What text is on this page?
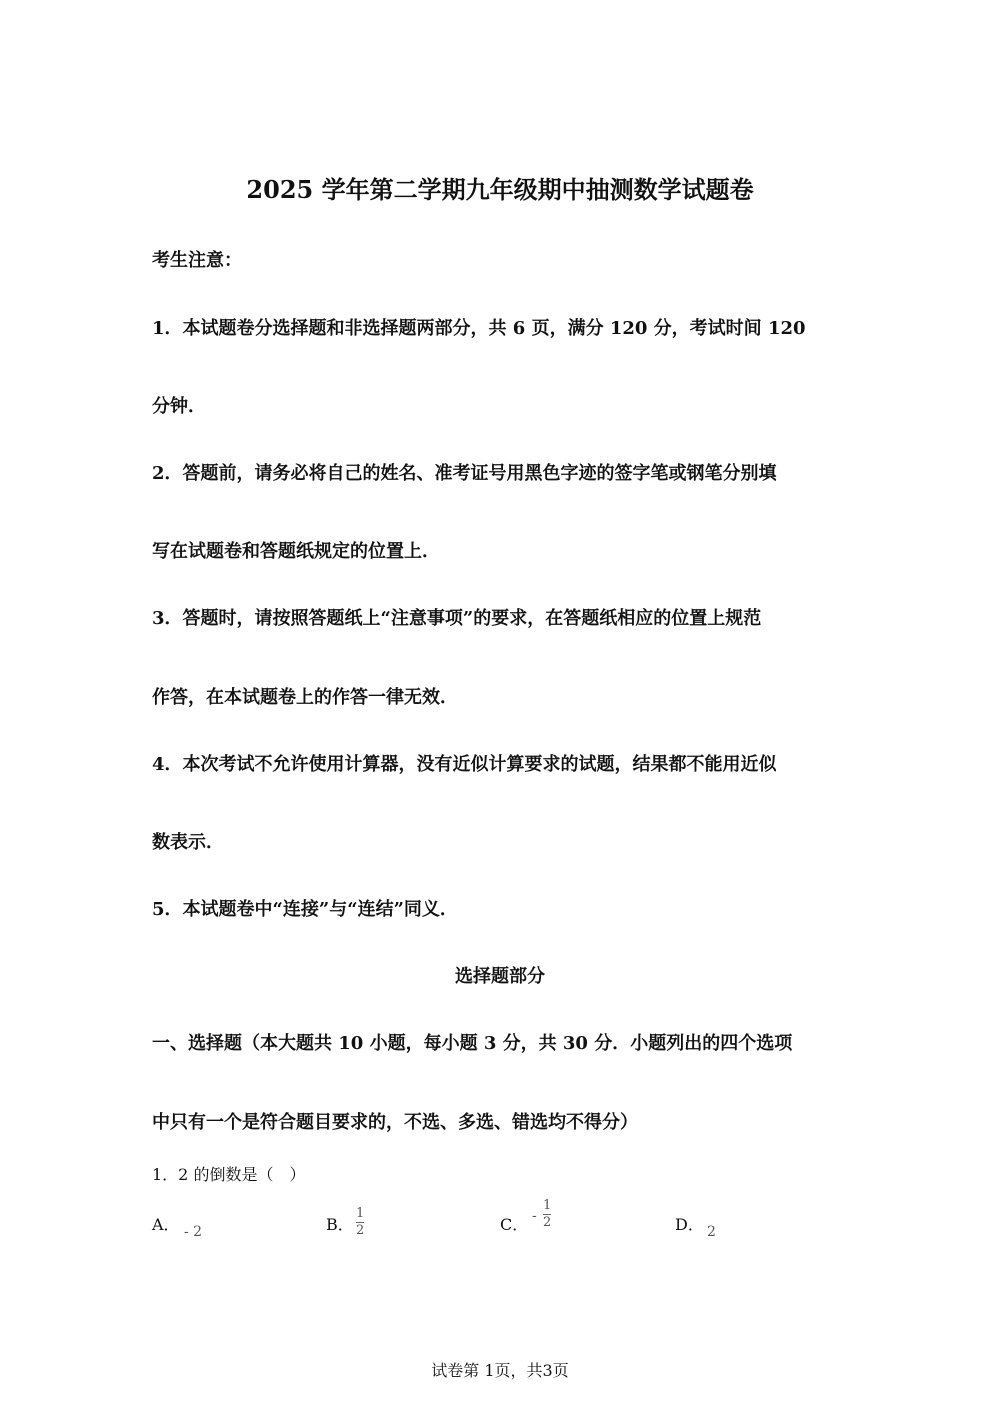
2025 学年第二学期九年级期中抽测数学试题卷
考生注意：
1．本试题卷分选择题和非选择题两部分，共 6 页，满分 120 分，考试时间 120
分钟．
2．答题前，请务必将自己的姓名、准考证号用黑色字迹的签字笔或钢笔分别填
写在试题卷和答题纸规定的位置上．
3．答题时，请按照答题纸上“注意事项”的要求，在答题纸相应的位置上规范
作答，在本试题卷上的作答一律无效．
4．本次考试不允许使用计算器，没有近似计算要求的试题，结果都不能用近似
数表示．
5．本试题卷中“连接”与“连结”同义．
选择题部分
一、选择题（本大题共 10 小题，每小题 3 分，共 30 分．小题列出的四个选项
中只有一个是符合题目要求的，不选、多选、错选均不得分）
1．2 的倒数是（　）
A． - 2	B．
1
2	C． -
1
2	D． 2
试卷第 1页，共3页
